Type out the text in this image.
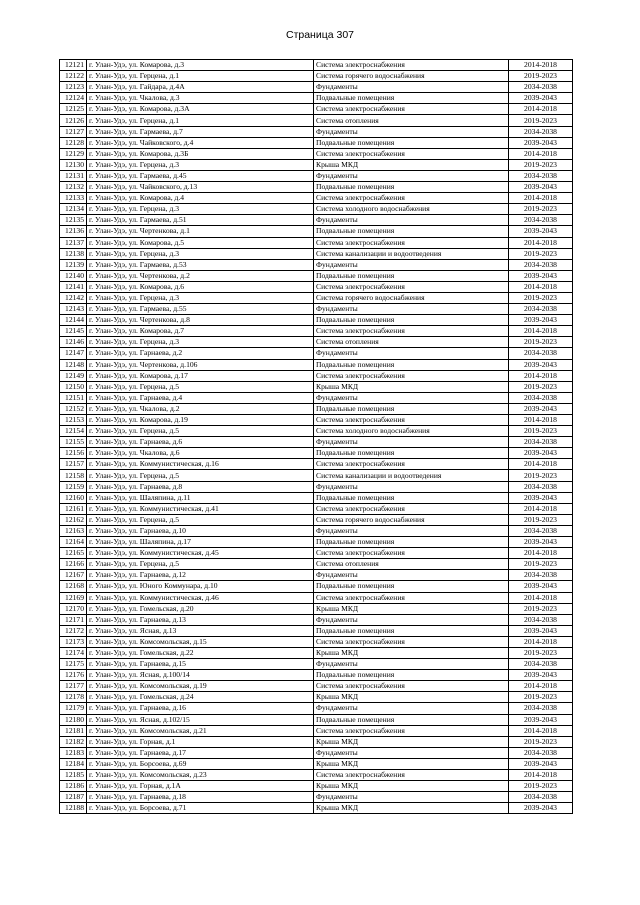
Страница 307
12121	г. Улан-Удэ, ул. Комарова, д.3	Система электроснабжения	2014-2018
12122	г. Улан-Удэ, ул. Герцена, д.1	Система горячего водоснабжения	2019-2023
12123	г. Улан-Удэ, ул. Гайдара, д.4А	Фундаменты	2034-2038
12124	г. Улан-Удэ, ул. Чкалова, д.3	Подвальные помещения	2039-2043
12125	г. Улан-Удэ, ул. Комарова, д.3А	Система электроснабжения	2014-2018
12126	г. Улан-Удэ, ул. Герцена, д.1	Система отопления	2019-2023
12127	г. Улан-Удэ, ул. Гармаева, д.7	Фундаменты	2034-2038
12128	г. Улан-Удэ, ул. Чайковского, д.4	Подвальные помещения	2039-2043
12129	г. Улан-Удэ, ул. Комарова, д.3Б	Система электроснабжения	2014-2018
12130	г. Улан-Удэ, ул. Герцена, д.3	Крыша МКД	2019-2023
12131	г. Улан-Удэ, ул. Гармаева, д.45	Фундаменты	2034-2038
12132	г. Улан-Удэ, ул. Чайковского, д.13	Подвальные помещения	2039-2043
12133	г. Улан-Удэ, ул. Комарова, д.4	Система электроснабжения	2014-2018
12134	г. Улан-Удэ, ул. Герцена, д.3	Система холодного водоснабжения	2019-2023
12135	г. Улан-Удэ, ул. Гармаева, д.51	Фундаменты	2034-2038
12136	г. Улан-Удэ, ул. Чертенкова, д.1	Подвальные помещения	2039-2043
12137	г. Улан-Удэ, ул. Комарова, д.5	Система электроснабжения	2014-2018
12138	г. Улан-Удэ, ул. Герцена, д.3	Система канализации и водоотведения	2019-2023
12139	г. Улан-Удэ, ул. Гармаева, д.53	Фундаменты	2034-2038
12140	г. Улан-Удэ, ул. Чертенкова, д.2	Подвальные помещения	2039-2043
12141	г. Улан-Удэ, ул. Комарова, д.6	Система электроснабжения	2014-2018
12142	г. Улан-Удэ, ул. Герцена, д.3	Система горячего водоснабжения	2019-2023
12143	г. Улан-Удэ, ул. Гармаева, д.55	Фундаменты	2034-2038
12144	г. Улан-Удэ, ул. Чертенкова, д.8	Подвальные помещения	2039-2043
12145	г. Улан-Удэ, ул. Комарова, д.7	Система электроснабжения	2014-2018
12146	г. Улан-Удэ, ул. Герцена, д.3	Система отопления	2019-2023
12147	г. Улан-Удэ, ул. Гарнаева, д.2	Фундаменты	2034-2038
12148	г. Улан-Удэ, ул. Чертенкова, д.106	Подвальные помещения	2039-2043
12149	г. Улан-Удэ, ул. Комарова, д.17	Система электроснабжения	2014-2018
12150	г. Улан-Удэ, ул. Герцена, д.5	Крыша МКД	2019-2023
12151	г. Улан-Удэ, ул. Гарнаева, д.4	Фундаменты	2034-2038
12152	г. Улан-Удэ, ул. Чкалова, д.2	Подвальные помещения	2039-2043
12153	г. Улан-Удэ, ул. Комарова, д.19	Система электроснабжения	2014-2018
12154	г. Улан-Удэ, ул. Герцена, д.5	Система холодного водоснабжения	2019-2023
12155	г. Улан-Удэ, ул. Гарнаева, д.6	Фундаменты	2034-2038
12156	г. Улан-Удэ, ул. Чкалова, д.6	Подвальные помещения	2039-2043
12157	г. Улан-Удэ, ул. Коммунистическая, д.16	Система электроснабжения	2014-2018
12158	г. Улан-Удэ, ул. Герцена, д.5	Система канализации и водоотведения	2019-2023
12159	г. Улан-Удэ, ул. Гарнаева, д.8	Фундаменты	2034-2038
12160	г. Улан-Удэ, ул. Шаляпина, д.11	Подвальные помещения	2039-2043
12161	г. Улан-Удэ, ул. Коммунистическая, д.41	Система электроснабжения	2014-2018
12162	г. Улан-Удэ, ул. Герцена, д.5	Система горячего водоснабжения	2019-2023
12163	г. Улан-Удэ, ул. Гарнаева, д.10	Фундаменты	2034-2038
12164	г. Улан-Удэ, ул. Шаляпина, д.17	Подвальные помещения	2039-2043
12165	г. Улан-Удэ, ул. Коммунистическая, д.45	Система электроснабжения	2014-2018
12166	г. Улан-Удэ, ул. Герцена, д.5	Система отопления	2019-2023
12167	г. Улан-Удэ, ул. Гарнаева, д.12	Фундаменты	2034-2038
12168	г. Улан-Удэ, ул. Юного Коммунара, д.10	Подвальные помещения	2039-2043
12169	г. Улан-Удэ, ул. Коммунистическая, д.46	Система электроснабжения	2014-2018
12170	г. Улан-Удэ, ул. Гомельская, д.20	Крыша МКД	2019-2023
12171	г. Улан-Удэ, ул. Гарнаева, д.13	Фундаменты	2034-2038
12172	г. Улан-Удэ, ул. Ясная, д.13	Подвальные помещения	2039-2043
12173	г. Улан-Удэ, ул. Комсомольская, д.15	Система электроснабжения	2014-2018
12174	г. Улан-Удэ, ул. Гомельская, д.22	Крыша МКД	2019-2023
12175	г. Улан-Удэ, ул. Гарнаева, д.15	Фундаменты	2034-2038
12176	г. Улан-Удэ, ул. Ясная, д.100/14	Подвальные помещения	2039-2043
12177	г. Улан-Удэ, ул. Комсомольская, д.19	Система электроснабжения	2014-2018
12178	г. Улан-Удэ, ул. Гомельская, д.24	Крыша МКД	2019-2023
12179	г. Улан-Удэ, ул. Гарнаева, д.16	Фундаменты	2034-2038
12180	г. Улан-Удэ, ул. Ясная, д.102/15	Подвальные помещения	2039-2043
12181	г. Улан-Удэ, ул. Комсомольская, д.21	Система электроснабжения	2014-2018
12182	г. Улан-Удэ, ул. Горная, д.1	Крыша МКД	2019-2023
12183	г. Улан-Удэ, ул. Гарнаева, д.17	Фундаменты	2034-2038
12184	г. Улан-Удэ, ул. Борсоева, д.69	Крыша МКД	2039-2043
12185	г. Улан-Удэ, ул. Комсомольская, д.23	Система электроснабжения	2014-2018
12186	г. Улан-Удэ, ул. Горная, д.1А	Крыша МКД	2019-2023
12187	г. Улан-Удэ, ул. Гарнаева, д.18	Фундаменты	2034-2038
12188	г. Улан-Удэ, ул. Борсоева, д.71	Крыша МКД	2039-2043
